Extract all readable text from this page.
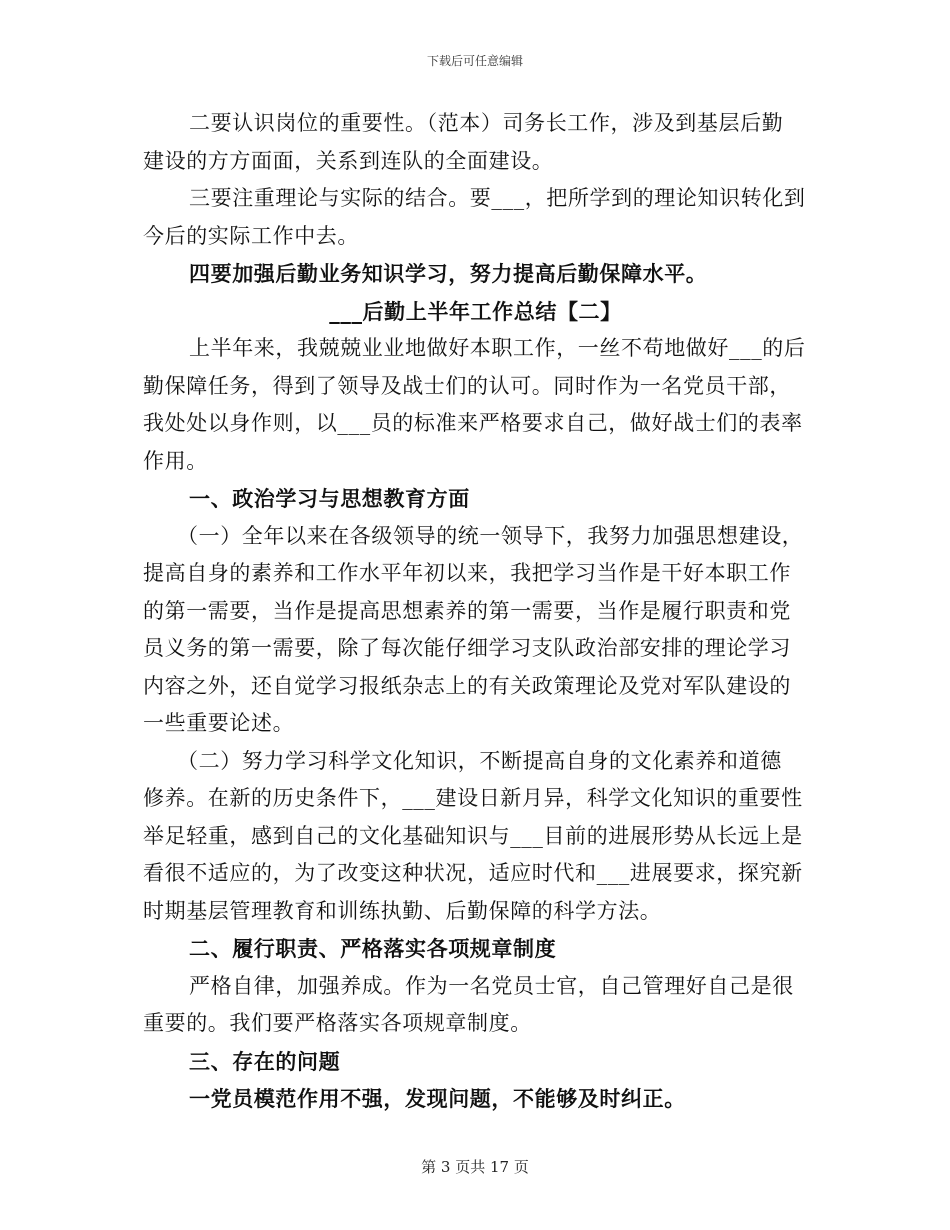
下载后可任意编辑
二要认识岗位的重要性。（范本）司务长工作，涉及到基层后勤
建设的方方面面，关系到连队的全面建设。
三要注重理论与实际的结合。要___，把所学到的理论知识转化到
今后的实际工作中去。
四要加强后勤业务知识学习，努力提高后勤保障水平。
___后勤上半年工作总结【二】
上半年来，我兢兢业业地做好本职工作，一丝不苟地做好___的后
勤保障任务，得到了领导及战士们的认可。同时作为一名党员干部，
我处处以身作则，以___员的标准来严格要求自己，做好战士们的表率
作用。
一、政治学习与思想教育方面
（一）全年以来在各级领导的统一领导下，我努力加强思想建设，
提高自身的素养和工作水平年初以来，我把学习当作是干好本职工作
的第一需要，当作是提高思想素养的第一需要，当作是履行职责和党
员义务的第一需要，除了每次能仔细学习支队政治部安排的理论学习
内容之外，还自觉学习报纸杂志上的有关政策理论及党对军队建设的
一些重要论述。
（二）努力学习科学文化知识，不断提高自身的文化素养和道德
修养。在新的历史条件下，___建设日新月异，科学文化知识的重要性
举足轻重，感到自己的文化基础知识与___目前的进展形势从长远上是
看很不适应的，为了改变这种状况，适应时代和___进展要求，探究新
时期基层管理教育和训练执勤、后勤保障的科学方法。
二、履行职责、严格落实各项规章制度
严格自律，加强养成。作为一名党员士官，自己管理好自己是很
重要的。我们要严格落实各项规章制度。
三、存在的问题
一党员模范作用不强，发现问题，不能够及时纠正。
第 3 页共 17 页
